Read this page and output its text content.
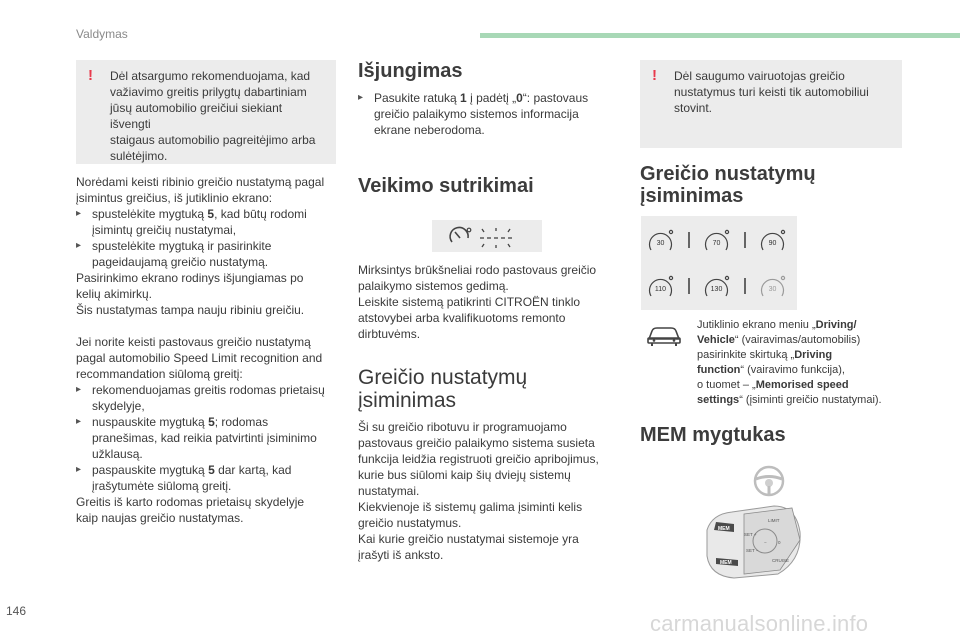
Valdymas
! Dėl atsargumo rekomenduojama, kad
važiavimo greitis prilygtų dabartiniam
jūsų automobilio greičiui siekiant išvengti
staigaus automobilio pagreitėjimo arba
sulėtėjimo.
Norėdami keisti ribinio greičio nustatymą pagal
įsimintus greičius, iš jutiklinio ekrano:
▸ spustelėkite mygtuką 5, kad būtų rodomi
įsimintų greičių nustatymai,
▸ spustelėkite mygtuką ir pasirinkite
pageidaujamą greičio nustatymą.
Pasirinkimo ekrano rodinys išjungiamas po
kelių akimirkų.
Šis nustatymas tampa nauju ribiniu greičiu.
Jei norite keisti pastovaus greičio nustatymą
pagal automobilio Speed Limit recognition and
recommandation siūlomą greitį:
▸ rekomenduojamas greitis rodomas prietaisų
skydelyje,
▸ nuspauskite mygtuką 5; rodomas
pranešimas, kad reikia patvirtinti įsiminimo
užklausą.
▸ paspauskite mygtuką 5 dar kartą, kad
įrašytumėte siūlomą greitį.
Greitis iš karto rodomas prietaisų skydelyje
kaip naujas greičio nustatymas.
Išjungimas
▸ Pasukite ratuką 1 į padėtį „0“: pastovaus
greičio palaikymo sistemos informacija
ekrane neberodoma.
Veikimo sutrikimai
Mirksintys brūkšneliai rodo pastovaus greičio
palaikymo sistemos gedimą.
Leiskite sistemą patikrinti CITROËN tinklo
atstovybei arba kvalifikuotoms remonto
dirbtuvėms.
Greičio nustatymų
įsiminimas
Ši su greičio ribotuvu ir programuojamo
pastovaus greičio palaikymo sistema susieta
funkcija leidžia registruoti greičio apribojimus,
kurie bus siūlomi kaip šių dviejų sistemų
nustatymai.
Kiekvienoje iš sistemų galima įsiminti kelis
greičio nustatymus.
Kai kurie greičio nustatymai sistemoje yra
įrašyti iš anksto.
! Dėl saugumo vairuotojas greičio
nustatymus turi keisti tik automobiliui
stovint.
Greičio nustatymų
įsiminimas
30	70	90
110	130	30
Jutiklinio ekrano meniu „Driving/
Vehicle“ (vairavimas/automobilis)
pasirinkite skirtuką „Driving
function“ (vairavimo funkcija),
o tuomet – „Memorised speed
settings“ (įsiminti greičio nustatymai).
MEM mygtukas
MEM
MEM
LIMIT
SET +
SET −
0
CRUISE
−
146	carmanualsonline.info
